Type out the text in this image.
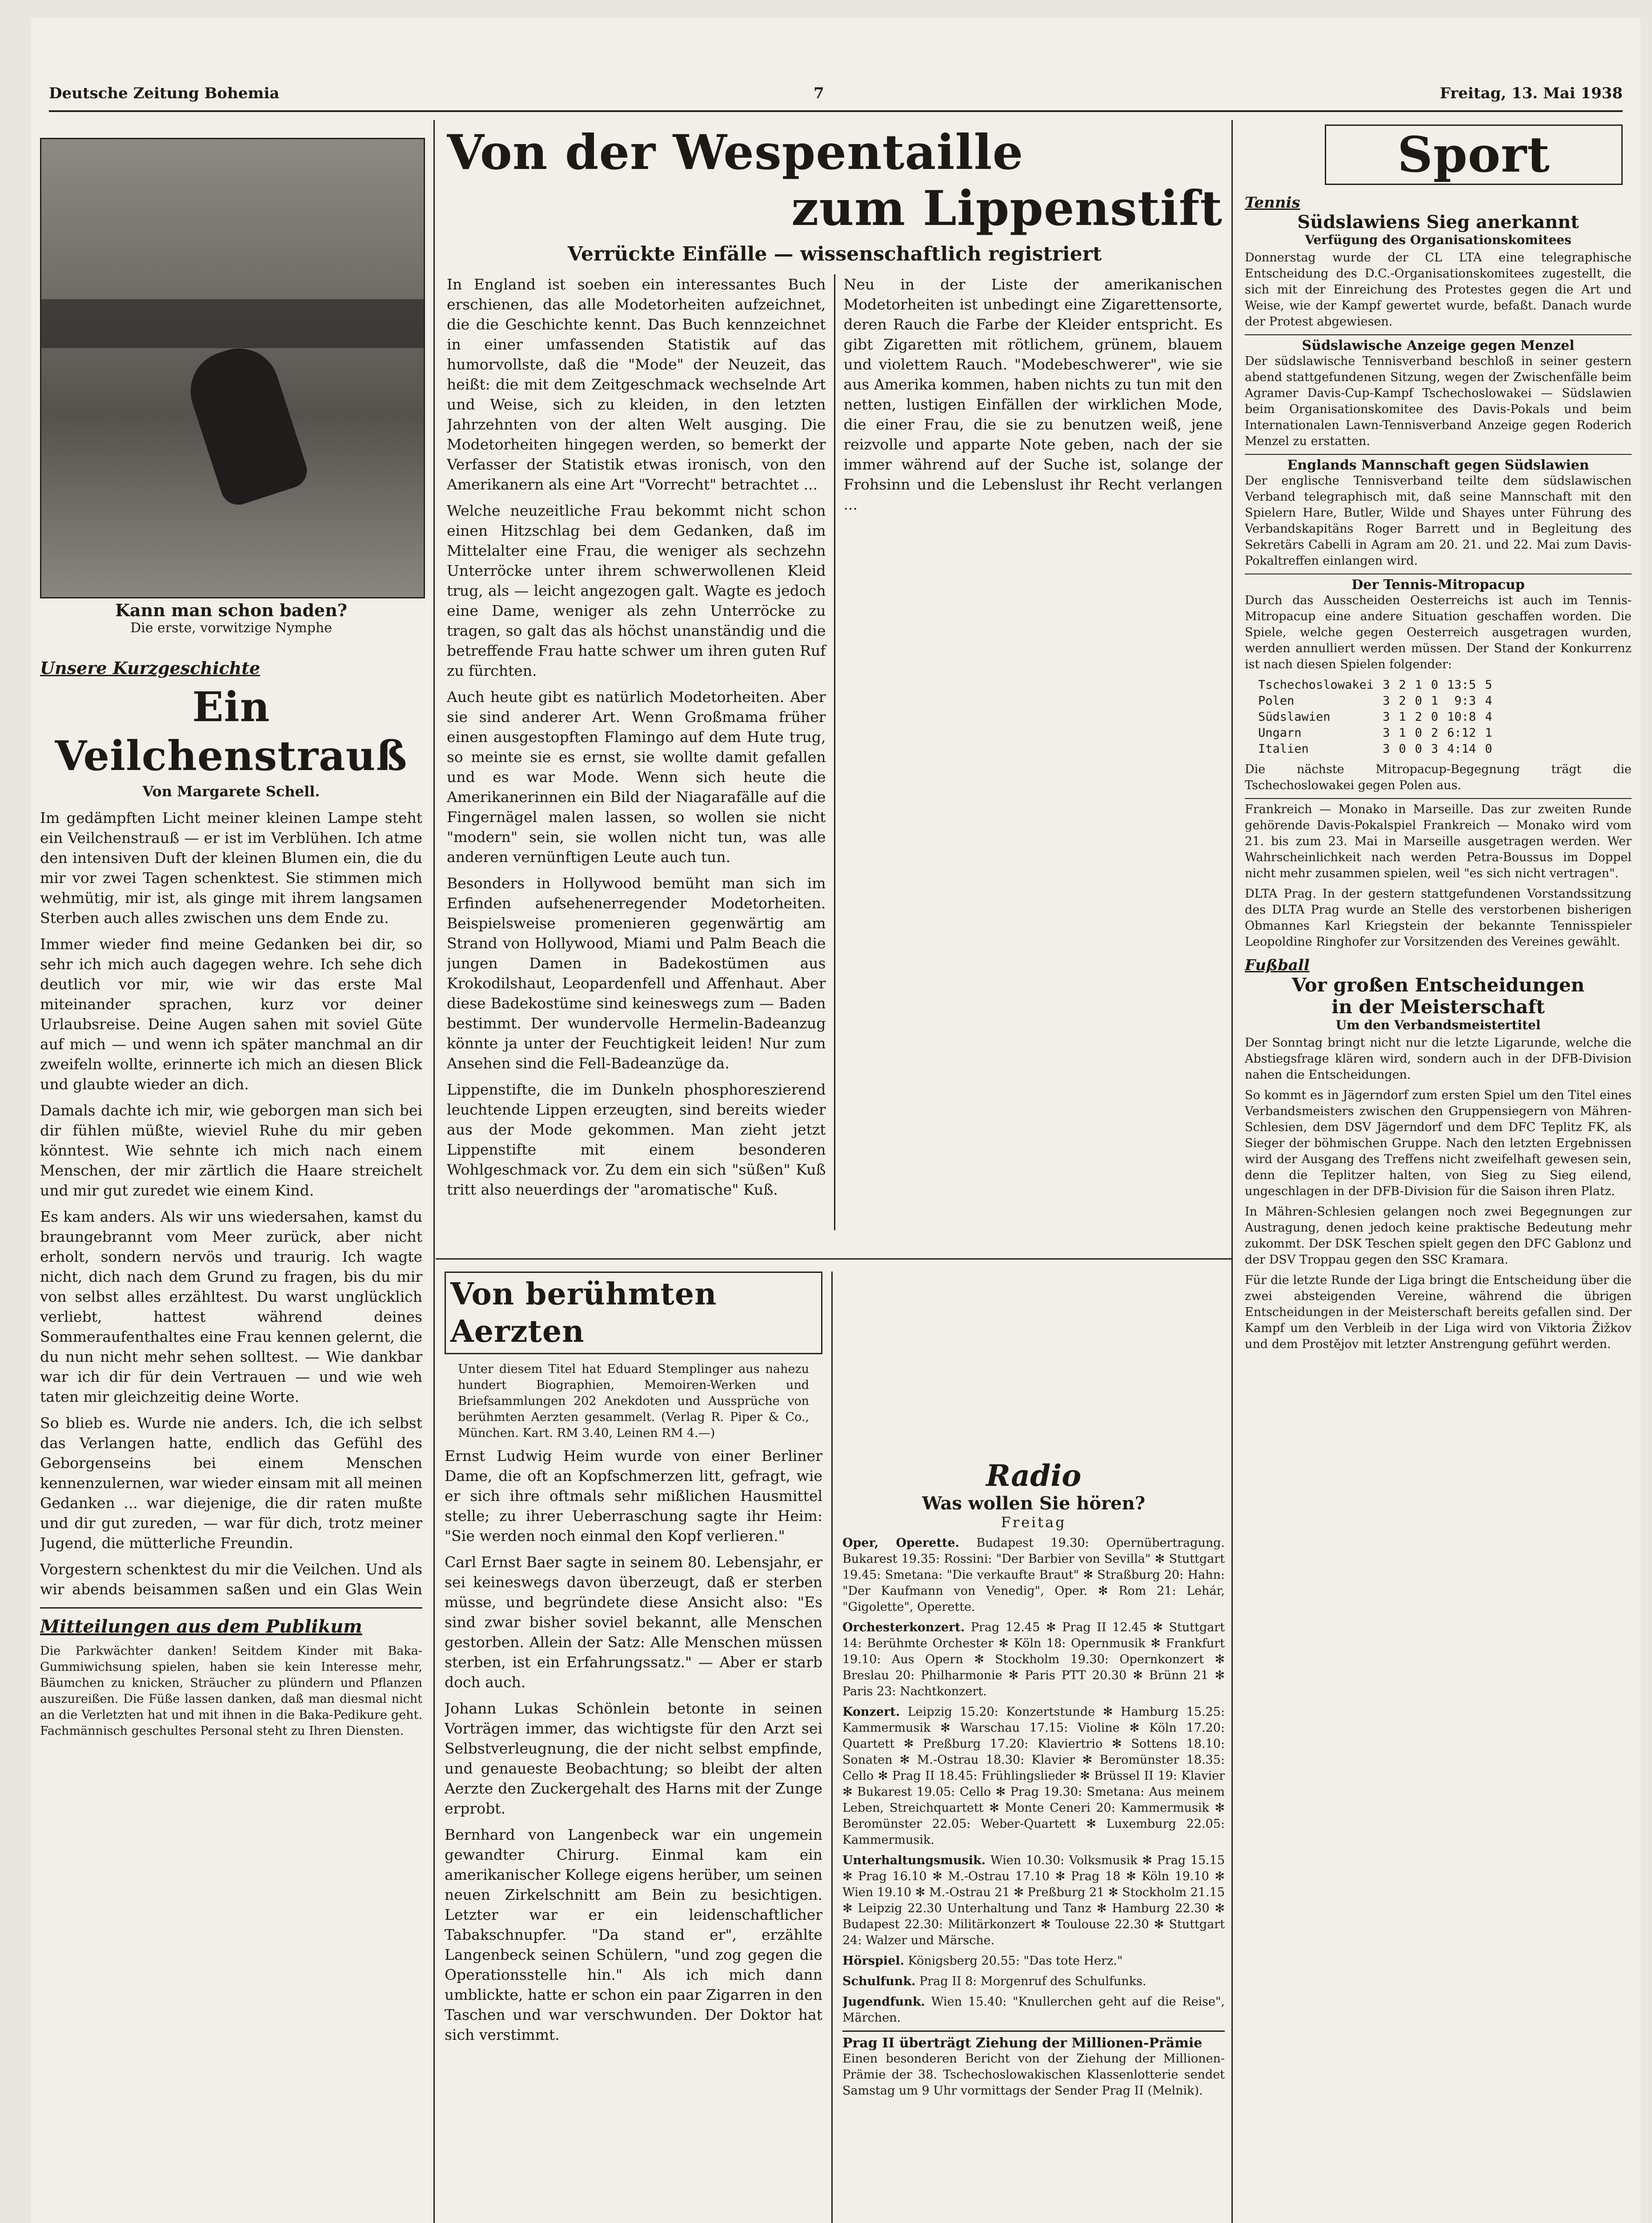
Deutsche Zeitung Bohemia	7	Freitag, 13. Mai 1938
Kann man schon baden?
Die erste, vorwitzige Nymphe
Unsere Kurzgeschichte
Ein Veilchenstrauß
Von Margarete Schell.

Im gedämpften Licht meiner kleinen Lampe steht ein Veilchenstrauß — er ist im Verblühen. Ich atme den intensiven Duft der kleinen Blumen ein, die du mir vor zwei Tagen schenktest. Sie stimmen mich wehmütig, mir ist, als ginge mit ihrem langsamen Sterben auch alles zwischen uns dem Ende zu.

Immer wieder find meine Gedanken bei dir, so sehr ich mich auch dagegen wehre. Ich sehe dich deutlich vor mir, wie wir das erste Mal miteinander sprachen, kurz vor deiner Urlaubsreise. Deine Augen sahen mit soviel Güte auf mich — und wenn ich später manchmal an dir zweifeln wollte, erinnerte ich mich an diesen Blick und glaubte wieder an dich.

Damals dachte ich mir, wie geborgen man sich bei dir fühlen müßte, wieviel Ruhe du mir geben könntest. Wie sehnte ich mich nach einem Menschen, der mir zärtlich die Haare streichelt und mir gut zuredet wie einem Kind.

Es kam anders. Als wir uns wiedersahen, kamst du braungebrannt vom Meer zurück, aber nicht erholt, sondern nervös und traurig. Ich wagte nicht, dich nach dem Grund zu fragen, bis du mir von selbst alles erzähltest. Du warst unglücklich verliebt, hattest während deines Sommeraufenthaltes eine Frau kennen gelernt, die du nun nicht mehr sehen solltest. — Wie dankbar war ich dir für dein Vertrauen — und wie weh taten mir gleichzeitig deine Worte.

So blieb es. Wurde nie anders. Ich, die ich selbst das Verlangen hatte, endlich das Gefühl des Geborgenseins bei einem Menschen kennenzulernen, war wieder einsam mit all meinen Gedanken ... war diejenige, die dir raten mußte und dir gut zureden, — war für dich, trotz meiner Jugend, die mütterliche Freundin.

Vorgestern schenktest du mir die Veilchen. Und als wir abends beisammen saßen und ein Glas Wein

Mitteilungen aus dem Publikum

Die Parkwächter danken! Seitdem Kinder mit Baka-Gummiwichsung spielen, haben sie kein Interesse mehr, Bäumchen zu knicken, Sträucher zu plündern und Pflanzen auszureißen. Die Füße lassen danken, daß man diesmal nicht an die Verletzten hat und mit ihnen in die Baka-Pedikure geht. Fachmännisch geschultes Personal steht zu Ihren Diensten.

Von der Wespentaille
zum Lippenstift
Verrückte Einfälle — wissenschaftlich registriert

In England ist soeben ein interessantes Buch erschienen, das alle Modetorheiten aufzeichnet, die die Geschichte kennt. Das Buch kennzeichnet in einer umfassenden Statistik auf das humorvollste, daß die "Mode" der Neuzeit, das heißt: die mit dem Zeitgeschmack wechselnde Art und Weise, sich zu kleiden, in den letzten Jahrzehnten von der alten Welt ausging. Die Modetorheiten hingegen werden, so bemerkt der Verfasser der Statistik etwas ironisch, von den Amerikanern als eine Art "Vorrecht" betrachtet ...

Welche neuzeitliche Frau bekommt nicht schon einen Hitzschlag bei dem Gedanken, daß im Mittelalter eine Frau, die weniger als sechzehn Unterröcke unter ihrem schwerwollenen Kleid trug, als — leicht angezogen galt. Wagte es jedoch eine Dame, weniger als zehn Unterröcke zu tragen, so galt das als höchst unanständig und die betreffende Frau hatte schwer um ihren guten Ruf zu fürchten.

Auch heute gibt es natürlich Modetorheiten. Aber sie sind anderer Art. Wenn Großmama früher einen ausgestopften Flamingo auf dem Hute trug, so meinte sie es ernst, sie wollte damit gefallen und es war Mode. Wenn sich heute die Amerikanerinnen ein Bild der Niagarafälle auf die Fingernägel malen lassen, so wollen sie nicht "modern" sein, sie wollen nicht tun, was alle anderen vernünftigen Leute auch tun.

Besonders in Hollywood bemüht man sich im Erfinden aufsehenerregender Modetorheiten. Beispielsweise promenieren gegenwärtig am Strand von Hollywood, Miami und Palm Beach die jungen Damen in Badekostümen aus Krokodilshaut, Leopardenfell und Affenhaut. Aber diese Badekostüme sind keineswegs zum — Baden bestimmt. Der wundervolle Hermelin-Badeanzug könnte ja unter der Feuchtigkeit leiden! Nur zum Ansehen sind die Fell-Badeanzüge da.

Lippenstifte, die im Dunkeln phosphoreszierend leuchtende Lippen erzeugten, sind bereits wieder aus der Mode gekommen. Man zieht jetzt Lippenstifte mit einem besonderen Wohlgeschmack vor. Zu dem ein sich "süßen" Kuß tritt also neuerdings der "aromatische" Kuß.

Neu in der Liste der amerikanischen Modetorheiten ist unbedingt eine Zigarettensorte, deren Rauch die Farbe der Kleider entspricht. Es gibt Zigaretten mit rötlichem, grünem, blauem und violettem Rauch. "Modebeschwerer", wie sie aus Amerika kommen, haben nichts zu tun mit den netten, lustigen Einfällen der wirklichen Mode, die einer Frau, die sie zu benutzen weiß, jene reizvolle und apparte Note geben, nach der sie immer während auf der Suche ist, solange der Frohsinn und die Lebenslust ihr Recht verlangen ...

Von berühmten Aerzten

Unter diesem Titel hat Eduard Stemplinger aus nahezu hundert Biographien, Memoiren-Werken und Briefsammlungen 202 Anekdoten und Aussprüche von berühmten Aerzten gesammelt. (Verlag R. Piper & Co., München. Kart. RM 3.40, Leinen RM 4.—)

Ernst Ludwig Heim wurde von einer Berliner Dame, die oft an Kopfschmerzen litt, gefragt, wie er sich ihre oftmals sehr mißlichen Hausmittel stelle; zu ihrer Ueberraschung sagte ihr Heim: "Sie werden noch einmal den Kopf verlieren."

Carl Ernst Baer sagte in seinem 80. Lebensjahr, er sei keineswegs davon überzeugt, daß er sterben müsse, und begründete diese Ansicht also: "Es sind zwar bisher soviel bekannt, alle Menschen gestorben. Allein der Satz: Alle Menschen müssen sterben, ist ein Erfahrungssatz." — Aber er starb doch auch.

Johann Lukas Schönlein betonte in seinen Vorträgen immer, das wichtigste für den Arzt sei Selbstverleugnung, die der nicht selbst empfinde, und genaueste Beobachtung; so bleibt der alten Aerzte den Zuckergehalt des Harns mit der Zunge erprobt.

Bernhard von Langenbeck war ein ungemein gewandter Chirurg. Einmal kam ein amerikanischer Kollege eigens herüber, um seinen neuen Zirkelschnitt am Bein zu besichtigen. Letzter war er ein leidenschaftlicher Tabakschnupfer. "Da stand er", erzählte Langenbeck seinen Schülern, "und zog gegen die Operationsstelle hin." Als ich mich dann umblickte, hatte er schon ein paar Zigarren in den Taschen und war verschwunden. Der Doktor hat sich verstimmt.

Radio
Was wollen Sie hören?
Freitag

Oper, Operette. Budapest 19.30: Opernübertragung. Bukarest 19.35: Rossini: "Der Barbier von Sevilla" ✻ Stuttgart 19.45: Smetana: "Die verkaufte Braut" ✻ Straßburg 20: Hahn: "Der Kaufmann von Venedig", Oper. ✻ Rom 21: Lehár, "Gigolette", Operette.

Orchesterkonzert. Prag 12.45 ✻ Prag II 12.45 ✻ Stuttgart 14: Berühmte Orchester ✻ Köln 18: Opernmusik ✻ Frankfurt 19.10: Aus Opern ✻ Stockholm 19.30: Opernkonzert ✻ Breslau 20: Philharmonie ✻ Paris PTT 20.30 ✻ Brünn 21 ✻ Paris 23: Nachtkonzert.

Konzert. Leipzig 15.20: Konzertstunde ✻ Hamburg 15.25: Kammermusik ✻ Warschau 17.15: Violine ✻ Köln 17.20: Quartett ✻ Preßburg 17.20: Klaviertrio ✻ Sottens 18.10: Sonaten ✻ M.-Ostrau 18.30: Klavier ✻ Beromünster 18.35: Cello ✻ Prag II 18.45: Frühlingslieder ✻ Brüssel II 19: Klavier ✻ Bukarest 19.05: Cello ✻ Prag 19.30: Smetana: Aus meinem Leben, Streichquartett ✻ Monte Ceneri 20: Kammermusik ✻ Beromünster 22.05: Weber-Quartett ✻ Luxemburg 22.05: Kammermusik.

Unterhaltungsmusik. Wien 10.30: Volksmusik ✻ Prag 15.15 ✻ Prag 16.10 ✻ M.-Ostrau 17.10 ✻ Prag 18 ✻ Köln 19.10 ✻ Wien 19.10 ✻ M.-Ostrau 21 ✻ Preßburg 21 ✻ Stockholm 21.15 ✻ Leipzig 22.30 Unterhaltung und Tanz ✻ Hamburg 22.30 ✻ Budapest 22.30: Militärkonzert ✻ Toulouse 22.30 ✻ Stuttgart 24: Walzer und Märsche.

Hörspiel. Königsberg 20.55: "Das tote Herz."

Schulfunk. Prag II 8: Morgenruf des Schulfunks.

Jugendfunk. Wien 15.40: "Knullerchen geht auf die Reise", Märchen.

Prag II überträgt Ziehung der Millionen-Prämie

Einen besonderen Bericht von der Ziehung der Millionen-Prämie der 38. Tschechoslowakischen Klassenlotterie sendet Samstag um 9 Uhr vormittags der Sender Prag II (Melnik).

Sport
Tennis
Südslawiens Sieg anerkannt
Verfügung des Organisationskomitees

Donnerstag wurde der CL LTA eine telegraphische Entscheidung des D.C.-Organisationskomitees zugestellt, die sich mit der Einreichung des Protestes gegen die Art und Weise, wie der Kampf gewertet wurde, befaßt. Danach wurde der Protest abgewiesen.

Südslawische Anzeige gegen Menzel

Der südslawische Tennisverband beschloß in seiner gestern abend stattgefundenen Sitzung, wegen der Zwischenfälle beim Agramer Davis-Cup-Kampf Tschechoslowakei — Südslawien beim Organisationskomitee des Davis-Pokals und beim Internationalen Lawn-Tennisverband Anzeige gegen Roderich Menzel zu erstatten.

Englands Mannschaft gegen Südslawien

Der englische Tennisverband teilte dem südslawischen Verband telegraphisch mit, daß seine Mannschaft mit den Spielern Hare, Butler, Wilde und Shayes unter Führung des Verbandskapitäns Roger Barrett und in Begleitung des Sekretärs Cabelli in Agram am 20. 21. und 22. Mai zum Davis-Pokaltreffen einlangen wird.

Der Tennis-Mitropacup

Durch das Ausscheiden Oesterreichs ist auch im Tennis-Mitropacup eine andere Situation geschaffen worden. Die Spiele, welche gegen Oesterreich ausgetragen wurden, werden annulliert werden müssen. Der Stand der Konkurrenz ist nach diesen Spielen folgender:

Tschechoslowakei	3	2	1	0	13:5	5
Polen	3	2	0	1	9:3	4
Südslawien	3	1	2	0	10:8	4
Ungarn	3	1	0	2	6:12	1
Italien	3	0	0	3	4:14	0

Die nächste Mitropacup-Begegnung trägt die Tschechoslowakei gegen Polen aus.

Frankreich — Monako in Marseille. Das zur zweiten Runde gehörende Davis-Pokalspiel Frankreich — Monako wird vom 21. bis zum 23. Mai in Marseille ausgetragen werden. Wer Wahrscheinlichkeit nach werden Petra-Boussus im Doppel nicht mehr zusammen spielen, weil "es sich nicht vertragen".

DLTA Prag. In der gestern stattgefundenen Vorstandssitzung des DLTA Prag wurde an Stelle des verstorbenen bisherigen Obmannes Karl Kriegstein der bekannte Tennisspieler Leopoldine Ringhofer zur Vorsitzenden des Vereines gewählt.

Fußball
Vor großen Entscheidungen
in der Meisterschaft
Um den Verbandsmeistertitel

Der Sonntag bringt nicht nur die letzte Ligarunde, welche die Abstiegsfrage klären wird, sondern auch in der DFB-Division nahen die Entscheidungen.

So kommt es in Jägerndorf zum ersten Spiel um den Titel eines Verbandsmeisters zwischen den Gruppensiegern von Mähren-Schlesien, dem DSV Jägerndorf und dem DFC Teplitz FK, als Sieger der böhmischen Gruppe. Nach den letzten Ergebnissen wird der Ausgang des Treffens nicht zweifelhaft gewesen sein, denn die Teplitzer halten, von Sieg zu Sieg eilend, ungeschlagen in der DFB-Division für die Saison ihren Platz.

In Mähren-Schlesien gelangen noch zwei Begegnungen zur Austragung, denen jedoch keine praktische Bedeutung mehr zukommt. Der DSK Teschen spielt gegen den DFC Gablonz und der DSV Troppau gegen den SSC Kramara.

Für die letzte Runde der Liga bringt die Entscheidung über die zwei absteigenden Vereine, während die übrigen Entscheidungen in der Meisterschaft bereits gefallen sind. Der Kampf um den Verbleib in der Liga wird von Viktoria Žižkov und dem Prostějov mit letzter Anstrengung geführt werden.
